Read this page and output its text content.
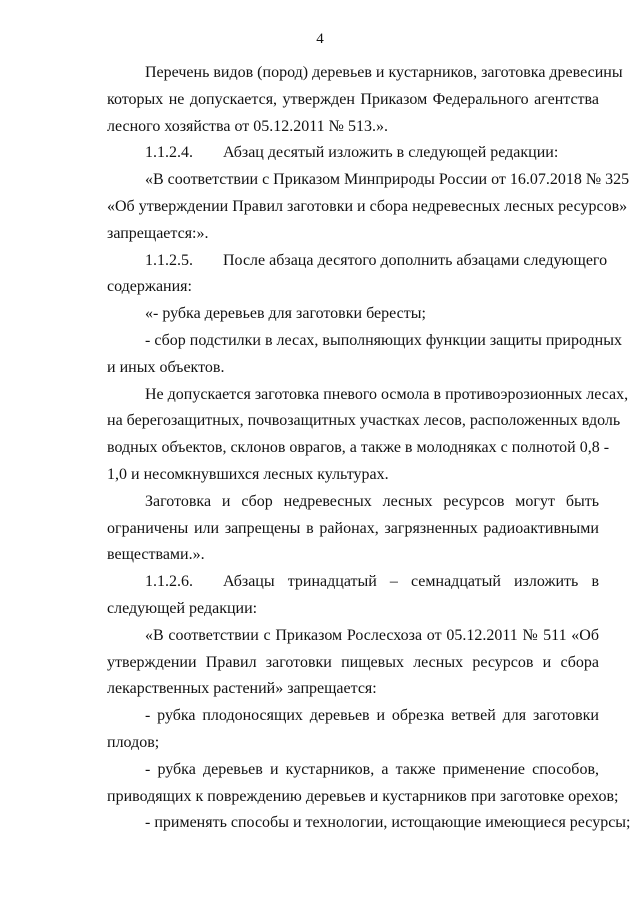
4
Перечень видов (пород) деревьев и кустарников, заготовка древесины
которых не допускается, утвержден Приказом Федерального агентства
лесного хозяйства от 05.12.2011 № 513.».
1.1.2.4. Абзац десятый изложить в следующей редакции:
«В соответствии с Приказом Минприроды России от 16.07.2018 № 325
«Об утверждении Правил заготовки и сбора недревесных лесных ресурсов»
запрещается:».
1.1.2.5. После абзаца десятого дополнить абзацами следующего
содержания:
«- рубка деревьев для заготовки бересты;
- сбор подстилки в лесах, выполняющих функции защиты природных
и иных объектов.
Не допускается заготовка пневого осмола в противоэрозионных лесах,
на берегозащитных, почвозащитных участках лесов, расположенных вдоль
водных объектов, склонов оврагов, а также в молодняках с полнотой 0,8 -
1,0 и несомкнувшихся лесных культурах.
Заготовка и сбор недревесных лесных ресурсов могут быть
ограничены или запрещены в районах, загрязненных радиоактивными
веществами.».
1.1.2.6. Абзацы тринадцатый – семнадцатый изложить в
следующей редакции:
«В соответствии с Приказом Рослесхоза от 05.12.2011 № 511 «Об
утверждении Правил заготовки пищевых лесных ресурсов и сбора
лекарственных растений» запрещается:
- рубка плодоносящих деревьев и обрезка ветвей для заготовки
плодов;
- рубка деревьев и кустарников, а также применение способов,
приводящих к повреждению деревьев и кустарников при заготовке орехов;
- применять способы и технологии, истощающие имеющиеся ресурсы;
